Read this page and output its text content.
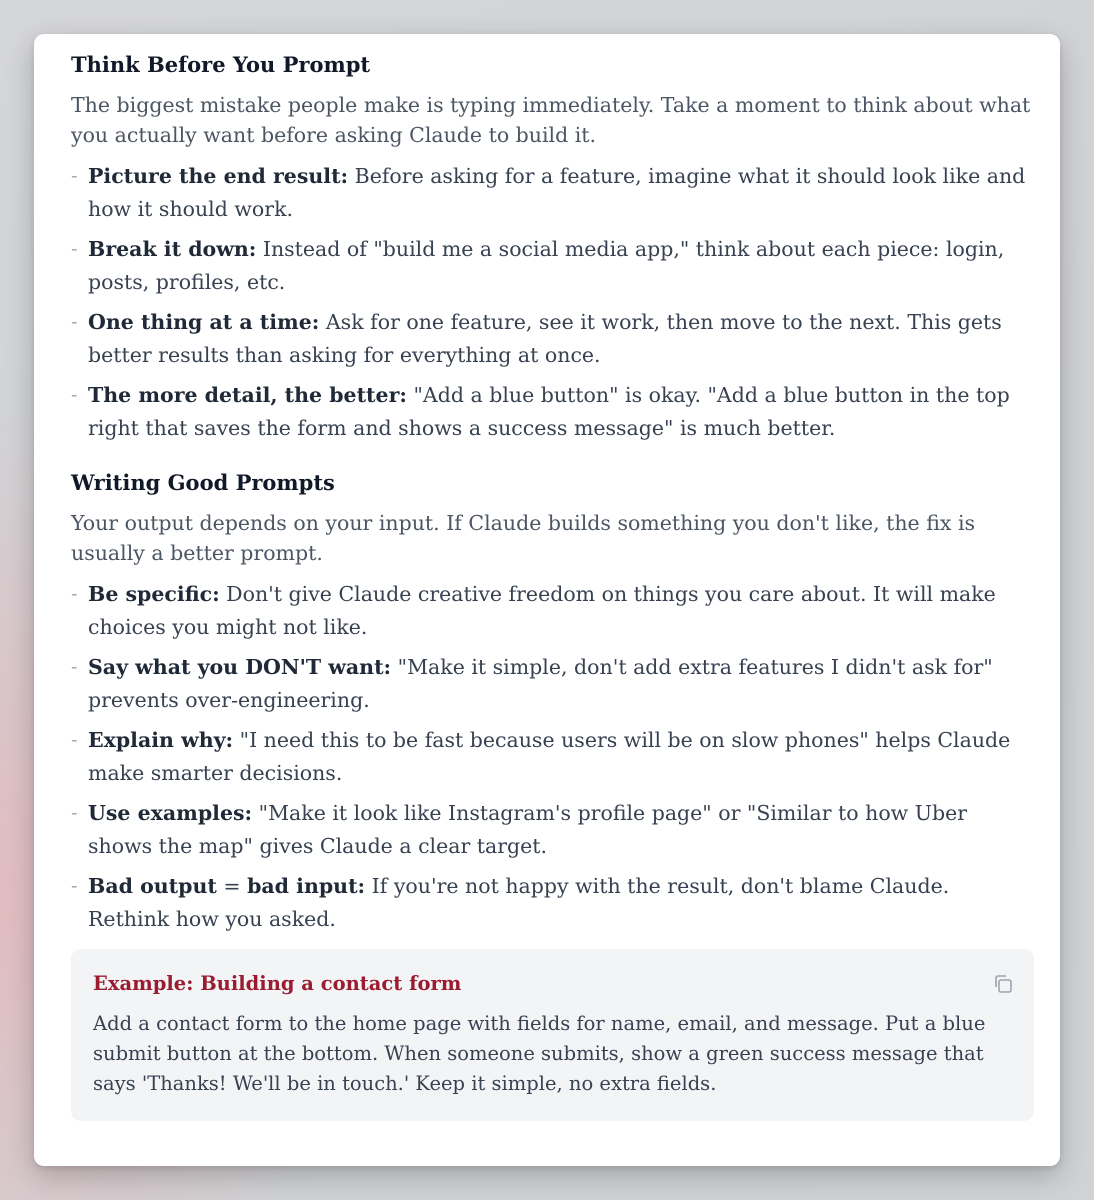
Think Before You Prompt

The biggest mistake people make is typing immediately. Take a moment to think about what you actually want before asking Claude to build it.

- Picture the end result: Before asking for a feature, imagine what it should look like and how it should work.
- Break it down: Instead of "build me a social media app," think about each piece: login, posts, profiles, etc.
- One thing at a time: Ask for one feature, see it work, then move to the next. This gets better results than asking for everything at once.
- The more detail, the better: "Add a blue button" is okay. "Add a blue button in the top right that saves the form and shows a success message" is much better.
Writing Good Prompts

Your output depends on your input. If Claude builds something you don't like, the fix is usually a better prompt.

- Be specific: Don't give Claude creative freedom on things you care about. It will make choices you might not like.
- Say what you DON'T want: "Make it simple, don't add extra features I didn't ask for" prevents over-engineering.
- Explain why: "I need this to be fast because users will be on slow phones" helps Claude make smarter decisions.
- Use examples: "Make it look like Instagram's profile page" or "Similar to how Uber shows the map" gives Claude a clear target.
- Bad output = bad input: If you're not happy with the result, don't blame Claude. Rethink how you asked.

Example: Building a contact form

Add a contact form to the home page with fields for name, email, and message. Put a blue submit button at the bottom. When someone submits, show a green success message that says 'Thanks! We'll be in touch.' Keep it simple, no extra fields.
